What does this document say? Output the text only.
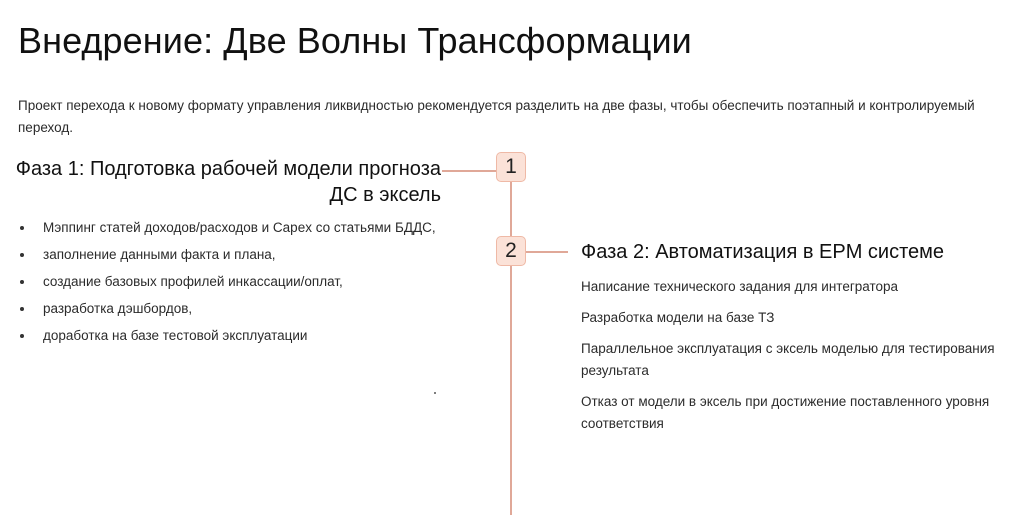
Внедрение: Две Волны Трансформации

Проект перехода к новому формату управления ликвидностью рекомендуется разделить на две фазы, чтобы обеспечить поэтапный и контролируемый переход.

1
2
Фаза 1: Подготовка рабочей модели прогноза ДС в эксель
Мэппинг статей доходов/расходов и Capex со статьями БДДС,
заполнение данными факта и плана,
создание базовых профилей инкассации/оплат,
разработка дэшбордов,
доработка на базе тестовой эксплуатации
Фаза 2: Автоматизация в EPM системе
Написание технического задания для интегратора
Разработка модели на базе ТЗ
Параллельное эксплуатация с эксель моделью для тестирования результата
Отказ от модели в эксель при достижение поставленного уровня соответствия
